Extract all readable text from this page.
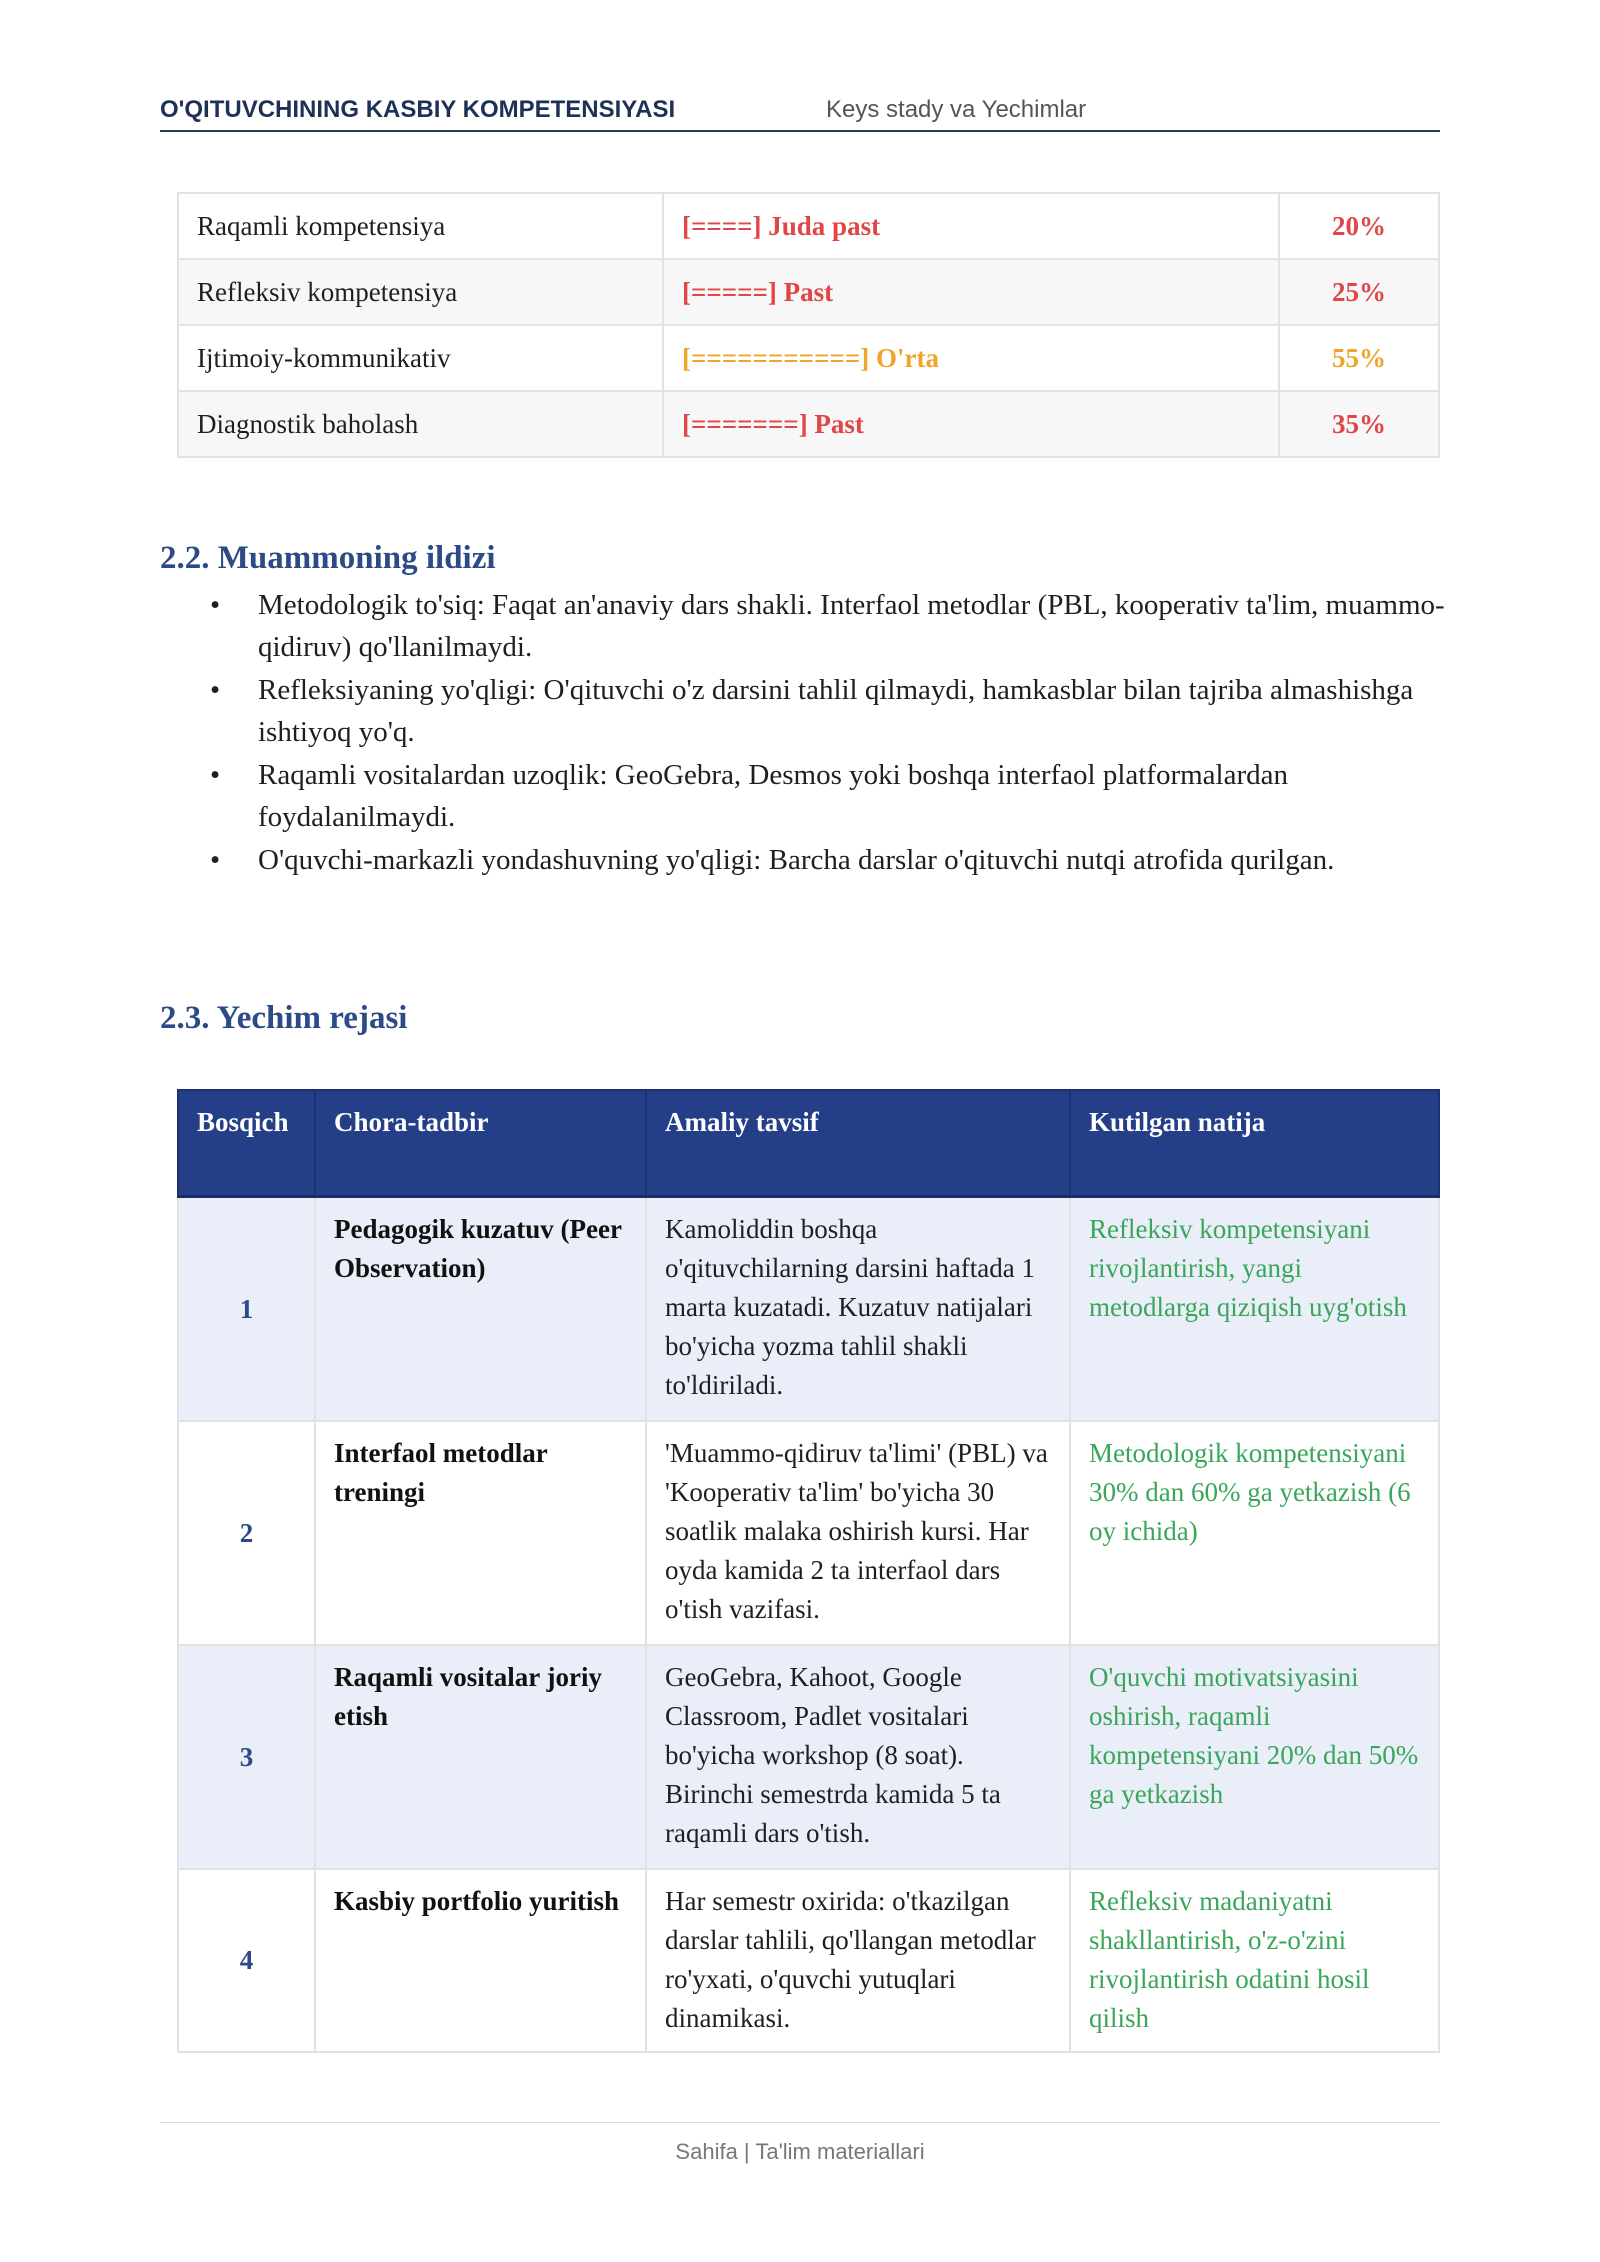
O'QITUVCHINING KASBIY KOMPETENSIYASI	Keys stady va Yechimlar
Raqamli kompetensiya	[====] Juda past	20%
Refleksiv kompetensiya	[=====] Past	25%
Ijtimoiy-kommunikativ	[===========] O'rta	55%
Diagnostik baholash	[=======] Past	35%
2.2. Muammoning ildizi
• Metodologik to'siq: Faqat an'anaviy dars shakli. Interfaol metodlar (PBL, kooperativ ta'lim, muammo-qidiruv) qo'llanilmaydi.
• Refleksiyaning yo'qligi: O'qituvchi o'z darsini tahlil qilmaydi, hamkasblar bilan tajriba almashishga ishtiyoq yo'q.
• Raqamli vositalardan uzoqlik: GeoGebra, Desmos yoki boshqa interfaol platformalardan foydalanilmaydi.
• O'quvchi-markazli yondashuvning yo'qligi: Barcha darslar o'qituvchi nutqi atrofida qurilgan.
2.3. Yechim rejasi
Bosqich	Chora-tadbir	Amaliy tavsif	Kutilgan natija
1	Pedagogik kuzatuv (Peer Observation)	Kamoliddin boshqa o'qituvchilarning darsini haftada 1 marta kuzatadi. Kuzatuv natijalari bo'yicha yozma tahlil shakli to'ldiriladi.	Refleksiv kompetensiyani rivojlantirish, yangi metodlarga qiziqish uyg'otish
2	Interfaol metodlar treningi	'Muammo-qidiruv ta'limi' (PBL) va 'Kooperativ ta'lim' bo'yicha 30 soatlik malaka oshirish kursi. Har oyda kamida 2 ta interfaol dars o'tish vazifasi.	Metodologik kompetensiyani 30% dan 60% ga yetkazish (6 oy ichida)
3	Raqamli vositalar joriy etish	GeoGebra, Kahoot, Google Classroom, Padlet vositalari bo'yicha workshop (8 soat). Birinchi semestrda kamida 5 ta raqamli dars o'tish.	O'quvchi motivatsiyasini oshirish, raqamli kompetensiyani 20% dan 50% ga yetkazish
4	Kasbiy portfolio yuritish	Har semestr oxirida: o'tkazilgan darslar tahlili, qo'llangan metodlar ro'yxati, o'quvchi yutuqlari dinamikasi.	Refleksiv madaniyatni shakllantirish, o'z-o'zini rivojlantirish odatini hosil qilish
Sahifa | Ta'lim materiallari
